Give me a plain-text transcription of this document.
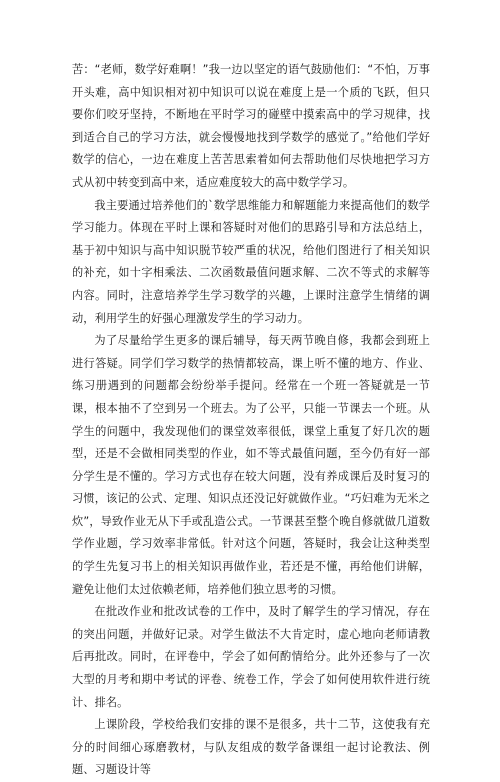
苦：“老师，数学好难啊！”我一边以坚定的语气鼓励他们：“不怕，万事开头难，高中知识相对初中知识可以说在难度上是一个质的飞跃，但只要你们咬牙坚持，不断地在平时学习的碰壁中摸索高中的学习规律，找到适合自己的学习方法，就会慢慢地找到学数学的感觉了。”给他们学好数学的信心，一边在难度上苦苦思索着如何去帮助他们尽快地把学习方式从初中转变到高中来，适应难度较大的高中数学学习。

我主要通过培养他们的`数学思维能力和解题能力来提高他们的数学学习能力。体现在平时上课和答疑时对他们的思路引导和方法总结上，基于初中知识与高中知识脱节较严重的状况，给他们图进行了相关知识的补充，如十字相乘法、二次函数最值问题求解、二次不等式的求解等内容。同时，注意培养学生学习数学的兴趣，上课时注意学生情绪的调动，利用学生的好强心理激发学生的学习动力。

为了尽量给学生更多的课后辅导，每天两节晚自修，我都会到班上进行答疑。同学们学习数学的热情都较高，课上听不懂的地方、作业、练习册遇到的问题都会纷纷举手提问。经常在一个班一答疑就是一节课，根本抽不了空到另一个班去。为了公平，只能一节课去一个班。从学生的问题中，我发现他们的课堂效率很低，课堂上重复了好几次的题型，还是不会做相同类型的作业，如不等式最值问题，至今仍有好一部分学生是不懂的。学习方式也存在较大问题，没有养成课后及时复习的习惯，该记的公式、定理、知识点还没记好就做作业。“巧妇难为无米之炊”，导致作业无从下手或乱造公式。一节课甚至整个晚自修就做几道数学作业题，学习效率非常低。针对这个问题，答疑时，我会让这种类型的学生先复习书上的相关知识再做作业，若还是不懂，再给他们讲解，避免让他们太过依赖老师，培养他们独立思考的习惯。

在批改作业和批改试卷的工作中，及时了解学生的学习情况，存在的突出问题，并做好记录。对学生做法不大肯定时，虚心地向老师请教后再批改。同时，在评卷中，学会了如何酌情给分。此外还参与了一次大型的月考和期中考试的评卷、统卷工作，学会了如何使用软件进行统计、排名。

上课阶段，学校给我们安排的课不是很多，共十二节，这使我有充分的时间细心琢磨教材，与队友组成的数学备课组一起讨论教法、例题、习题设计等
